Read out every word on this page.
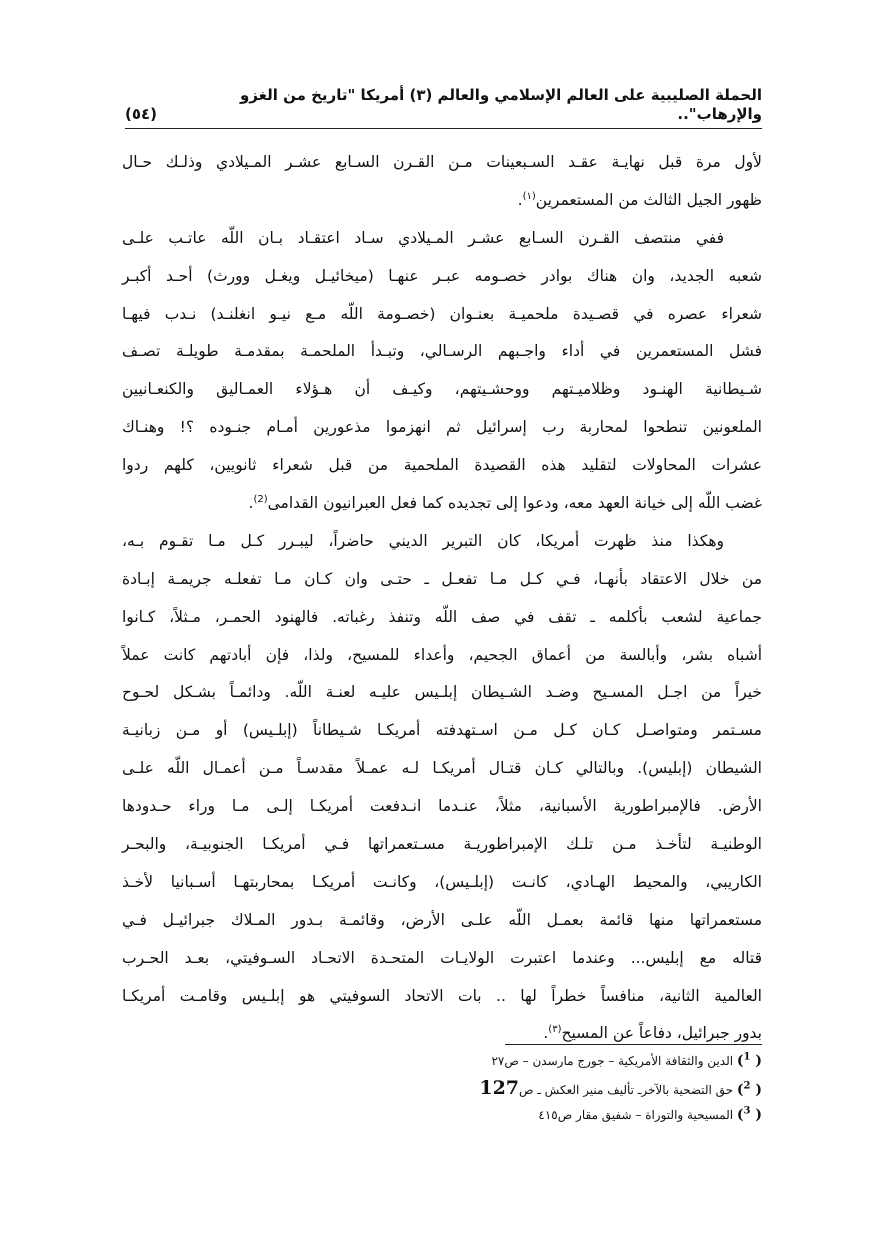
الحملة الصليبية على العالم الإسلامي والعالم (٣) أمريكا "تاريخ من الغزو والإرهاب"..
(٥٤)
لأول مرة قبل نهايـة عقـد السـبعينات مـن القـرن السـابع عشـر المـيلادي وذلـك حـال
ظهور الجيل الثالث من المستعمرين$^{(١)}$.
ففي منتصف القـرن السـابع عشـر المـيلادي سـاد اعتقـاد بـان اللّه عاتـب علـى
شعبه الجديد، وان هناك بوادر خصـومه عبـر عنهـا (ميخائيـل ويغـل وورث) أحـد أكبـر
شعراء عصره في قصـيدة ملحميـة بعنـوان (خصـومة اللّه مـع نيـو انغلنـد) نـدب فيهـا
فشل المستعمرين في أداء واجـبهم الرسـالي، وتبـدأ الملحمـة بمقدمـة طويلـة تصـف
شـيطانية الهنـود وظلاميـتهم ووحشـيتهم، وكيـف أن هـؤلاء العمـاليق والكنعـانيين
الملعونين تنطحوا لمحاربة رب إسرائيل ثم انهزموا مذعورين أمـام جنـوده ؟! وهنـاك
عشرات المحاولات لتقليد هذه القصيدة الملحمية من قبل شعراء ثانويين، كلهم ردوا
غضب اللّه إلى خيانة العهد معه، ودعوا إلى تجديده كما فعل العبرانيون القدامى$^{(2)}$.
وهكذا منذ ظهرت أمريكا، كان التبرير الديني حاضراً، ليبـرر كـل مـا تقـوم بـه،
من خلال الاعتقاد بأنهـا، فـي كـل مـا تفعـل ـ حتـى وان كـان مـا تفعلـه جريمـة إبـادة
جماعية لشعب بأكلمه ـ تقف في صف اللّه وتنفذ رغباته. فالهنود الحمـر، مـثلاً، كـانوا
أشباه بشر، وأبالسة من أعماق الجحيم، وأعداء للمسيح، ولذا، فإن أبادتهم كانت عملاً
خيراً من اجـل المسـيح وضـد الشـيطان إبلـيس عليـه لعنـة اللّه. ودائمـاً بشـكل لحـوح
مسـتمر ومتواصـل كـان كـل مـن اسـتهدفته أمريكـا شـيطاناً (إبلـيس) أو مـن زبانيـة
الشيطان (إبليس). وبالتالي كـان قتـال أمريكـا لـه عمـلاً مقدسـاً مـن أعمـال اللّه علـى
الأرض. فالإمبراطورية الأسبانية، مثلاً، عنـدما انـدفعت أمريكـا إلـى مـا وراء حـدودها
الوطنيـة لتأخـذ مـن تلـك الإمبراطوريـة مسـتعمراتها فـي أمريكـا الجنوبيـة، والبحـر
الكاريبي، والمحيط الهـادي، كانـت (إبلـيس)، وكانـت أمريكـا بمحاربتهـا أسـبانيا لأخـذ
مستعمراتها منها قائمة بعمـل اللّه علـى الأرض، وقائمـة بـدور المـلاك جبرائيـل فـي
قتاله مع إبليس... وعندما اعتبرت الولايـات المتحـدة الاتحـاد السـوفيتي، بعـد الحـرب
العالمية الثانية، منافساً خطراً لها .. بات الاتحاد السوفيتي هو إبلـيس وقامـت أمريكـا
بدور جبرائيل، دفاعاً عن المسيح$^{(٣)}$.
( $^1$) الدين والثقافة الأمريكية – جورج مارسدن – ص٢٧
( $^2$) حق التضحية بالآخرـ تأليف منير العكش ـ ص127
( $^3$) المسيحية والتوراة – شفيق مقار ص٤١٥
